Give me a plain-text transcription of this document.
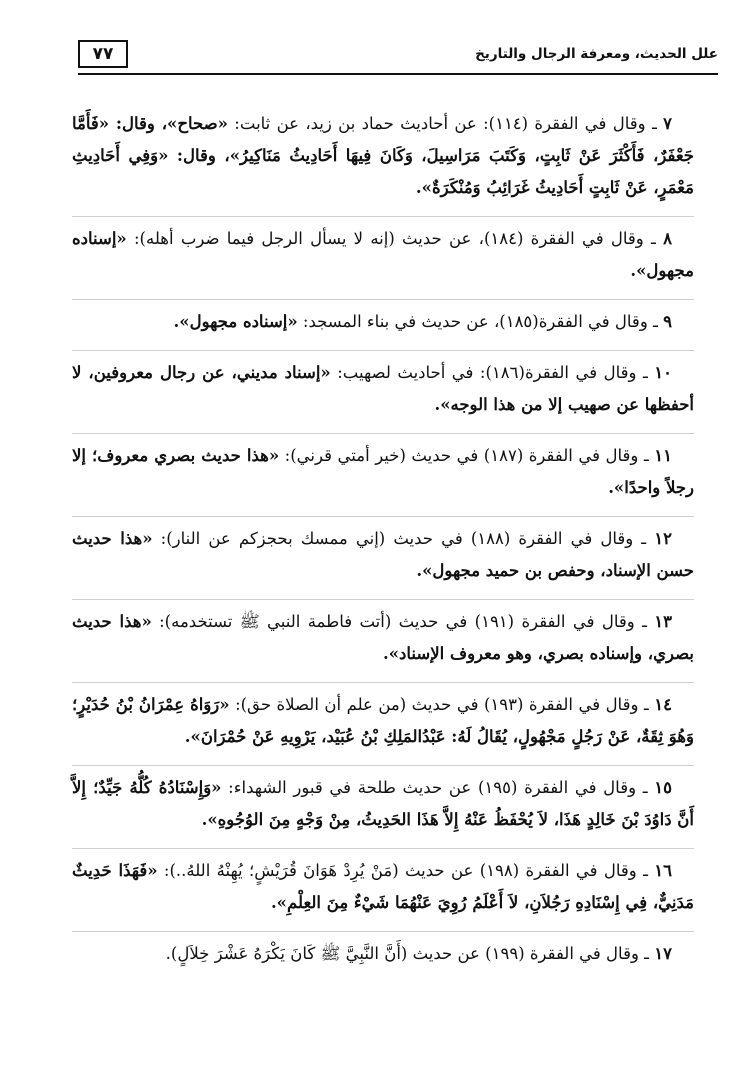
علل الحديث، ومعرفة الرجال والتاريخ
٧٧

٧ ـ وقال في الفقرة (١١٤): عن أحاديث حماد بن زيد، عن ثابت: «صحاح»، وقال: «فَأَمَّا جَعْفَرٌ، فَأَكْثَرَ عَنْ ثَابِتٍ، وَكَتَبَ مَرَاسِيلَ، وَكَانَ فِيهَا أَحَادِيثُ مَنَاكِيرُ»، وقال: «وَفِي أَحَادِيثِ مَعْمَرٍ، عَنْ ثَابِتٍ أَحَادِيثُ غَرَائِبُ وَمُنْكَرَةٌ».

٨ ـ وقال في الفقرة (١٨٤)، عن حديث (إنه لا يسأل الرجل فيما ضرب أهله): «إسناده مجهول».

٩ ـ وقال في الفقرة(١٨٥)، عن حديث في بناء المسجد: «إسناده مجهول».

١٠ ـ وقال في الفقرة(١٨٦): في أحاديث لصهيب: «إسناد مديني، عن رجال معروفين، لا أحفظها عن صهيب إلا من هذا الوجه».

١١ ـ وقال في الفقرة (١٨٧) في حديث (خير أمتي قرني): «هذا حديث بصري معروف؛ إلا رجلاً واحدًا».

١٢ ـ وقال في الفقرة (١٨٨) في حديث (إني ممسك بحجزكم عن النار): «هذا حديث حسن الإسناد، وحفص بن حميد مجهول».

١٣ ـ وقال في الفقرة (١٩١) في حديث (أتت فاطمة النبي ﷺ تستخدمه): «هذا حديث بصري، وإسناده بصري، وهو معروف الإسناد».

١٤ ـ وقال في الفقرة (١٩٣) في حديث (من علم أن الصلاة حق): «رَوَاهُ عِمْرَانُ بْنُ حُدَيْرٍ؛ وَهُوَ ثِقَةٌ، عَنْ رَجُلٍ مَجْهُولٍ، يُقَالُ لَهُ: عَبْدُالمَلِكِ بْنُ عُبَيْد، يَرْوِيهِ عَنْ حُمْرَانَ».

١٥ ـ وقال في الفقرة (١٩٥) عن حديث طلحة في قبور الشهداء: «وَإِسْنَادُهُ كُلُّهُ جَيِّدٌ؛ إِلاَّ أَنَّ دَاوُدَ بْنَ خَالِدٍ هَذَا، لاَ يُحْفَظُ عَنْهُ إِلاَّ هَذَا الحَدِيثُ، مِنْ وَجْهٍ مِنَ الوُجُوهِ».

١٦ ـ وقال في الفقرة (١٩٨) عن حديث (مَنْ يُرِدْ هَوَانَ قُرَيْشٍ؛ يُهِنْهُ اللهُ..): «فَهَذَا حَدِيثٌ مَدَنِيٌّ، فِي إِسْنَادِهِ رَجُلاَنِ، لاَ أَعْلَمُ رُوِيَ عَنْهُمَا شَيْءٌ مِنَ العِلْمِ».

١٧ ـ وقال في الفقرة (١٩٩) عن حديث (أَنَّ النَّبِيَّ ﷺ كَانَ يَكْرَهُ عَشْرَ خِلاَلٍ).
